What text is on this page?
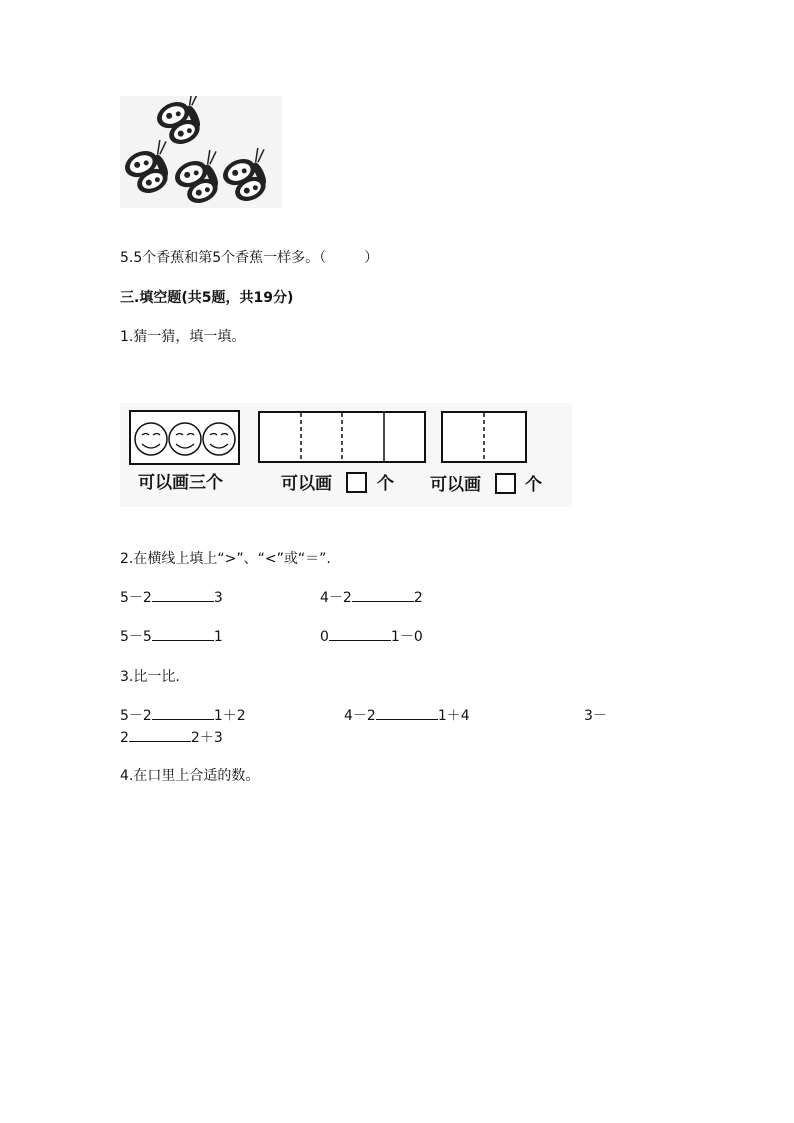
5.5个香蕉和第5个香蕉一样多。（	）
三.填空题(共5题，共19分)
1.猜一猜，填一填。
可以画三个	可以画	个 可以画	个
2.在横线上填上“>”、“<”或“＝”.
5－2	3	4－2	2
5－5	1	0	1－0
3.比一比.
5－2	1＋2	4－2	1＋4	3－
2	2＋3
4.在口里上合适的数。
